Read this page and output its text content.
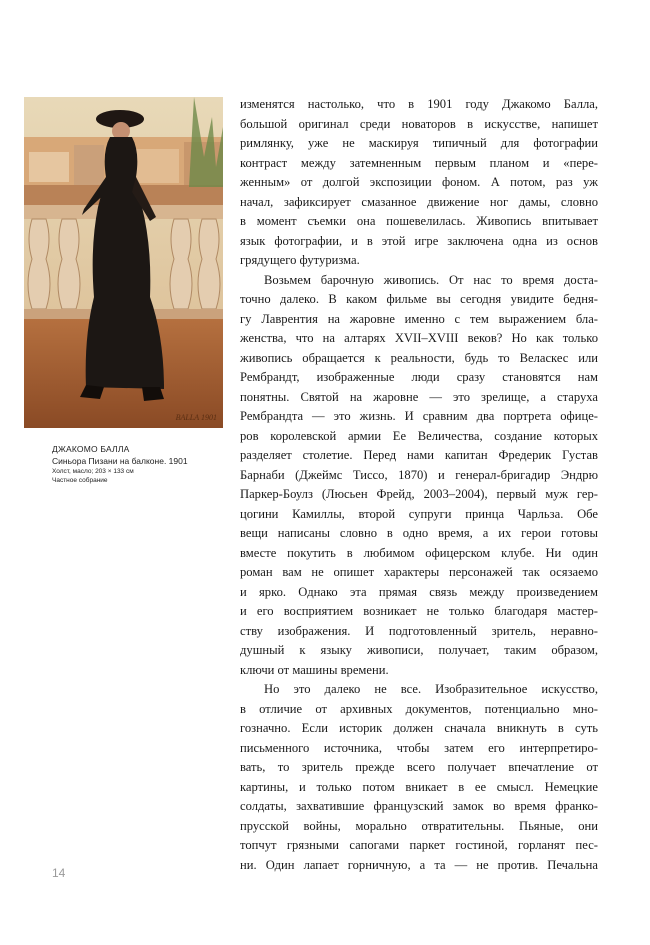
BALLA 1901
ДЖАКОМО БАЛЛА
Синьора Пизани на балконе. 1901
Холст, масло; 203 × 133 см
Частное собрание

изменятся настолько, что в 1901 году Джакомо Балла,

большой оригинал среди новаторов в искусстве, напишет

римлянку, уже не маскируя типичный для фотографии

контраст между затемненным первым планом и «пере-

женным» от долгой экспозиции фоном. А потом, раз уж

начал, зафиксирует смазанное движение ног дамы, словно

в момент съемки она пошевелилась. Живопись впитывает

язык фотографии, и в этой игре заключена одна из основ

грядущего футуризма.

Возьмем барочную живопись. От нас то время доста-

точно далеко. В каком фильме вы сегодня увидите бедня-

гу Лаврентия на жаровне именно с тем выражением бла-

женства, что на алтарях XVII–XVIII веков? Но как только

живопись обращается к реальности, будь то Веласкес или

Рембрандт, изображенные люди сразу становятся нам

понятны. Святой на жаровне — это зрелище, а старуха

Рембрандта — это жизнь. И сравним два портрета офице-

ров королевской армии Ее Величества, создание которых

разделяет столетие. Перед нами капитан Фредерик Густав

Барнаби (Джеймс Тиссо, 1870) и генерал-бригадир Эндрю

Паркер-Боулз (Люсьен Фрейд, 2003–2004), первый муж гер-

цогини Камиллы, второй супруги принца Чарльза. Обе

вещи написаны словно в одно время, а их герои готовы

вместе покутить в любимом офицерском клубе. Ни один

роман вам не опишет характеры персонажей так осязаемо

и ярко. Однако эта прямая связь между произведением

и его восприятием возникает не только благодаря мастер-

ству изображения. И подготовленный зритель, неравно-

душный к языку живописи, получает, таким образом,

ключи от машины времени.

Но это далеко не все. Изобразительное искусство,

в отличие от архивных документов, потенциально мно-

гозначно. Если историк должен сначала вникнуть в суть

письменного источника, чтобы затем его интерпретиро-

вать, то зритель прежде всего получает впечатление от

картины, и только потом вникает в ее смысл. Немецкие

солдаты, захватившие французский замок во время франко-

прусской войны, морально отвратительны. Пьяные, они

топчут грязными сапогами паркет гостиной, горланят пес-

ни. Один лапает горничную, а та — не против. Печальна

14
